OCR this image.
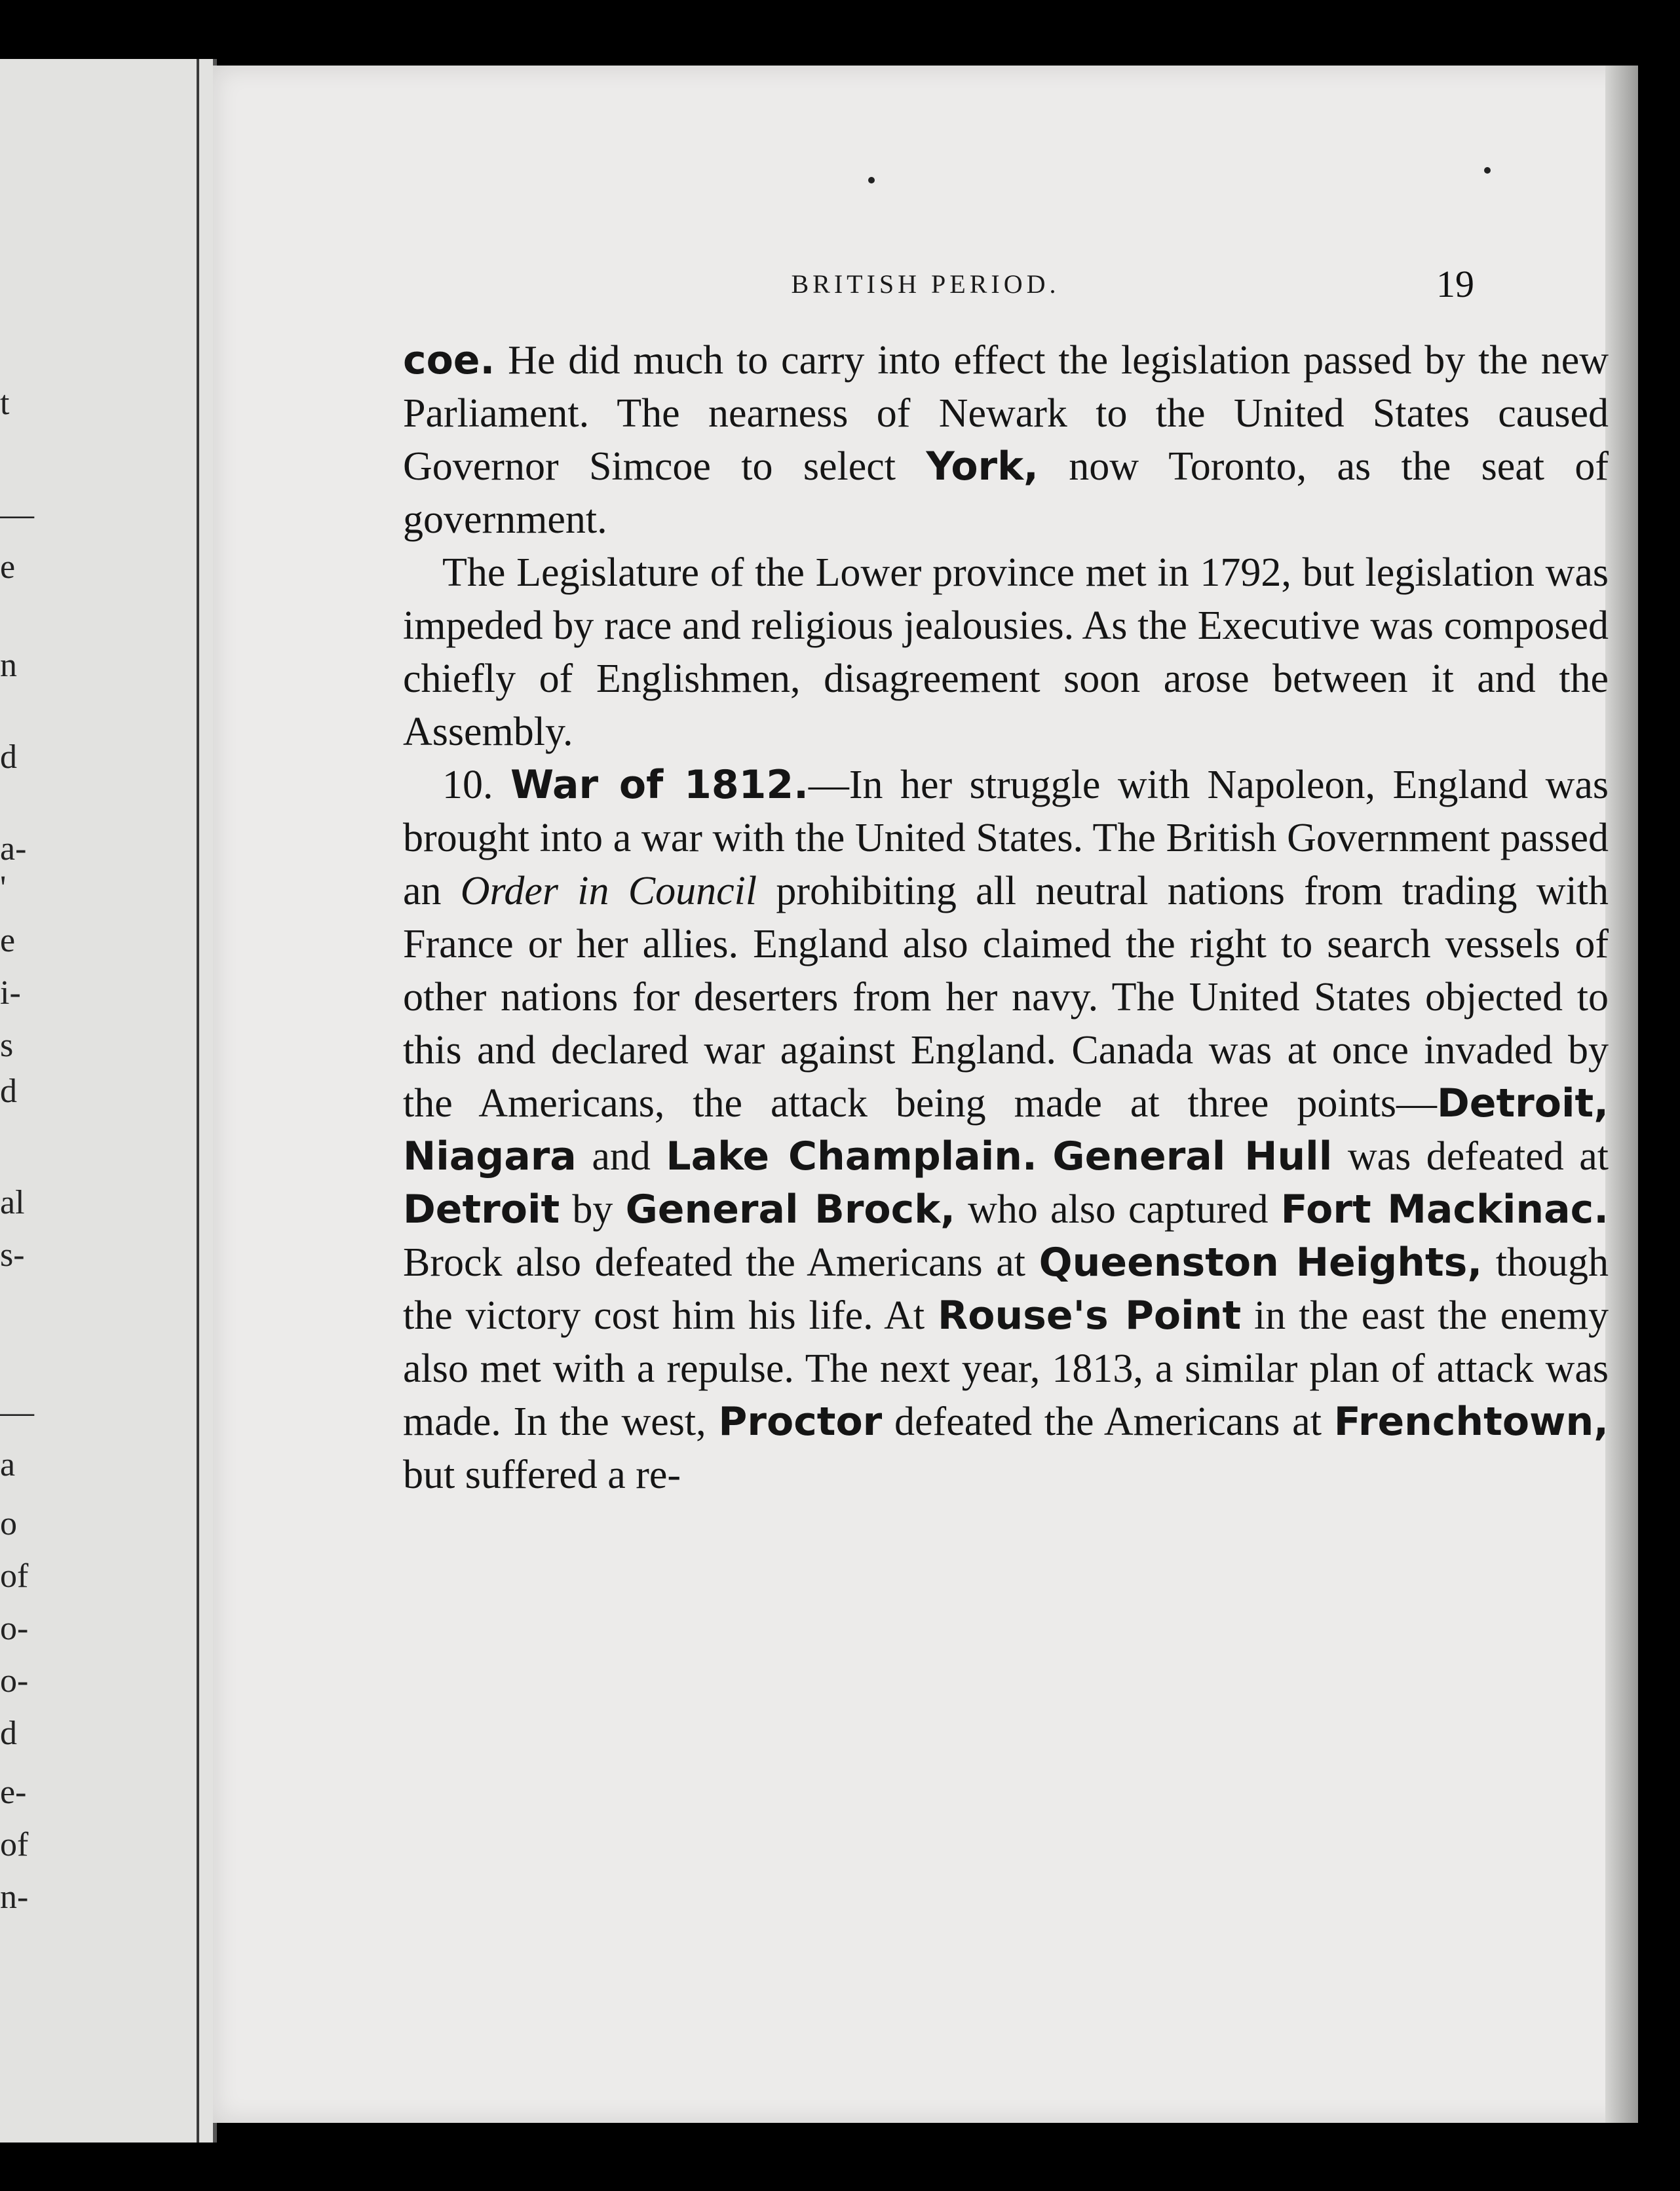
t
—
e
n
d
a-
'
e
i-
s
d
al
s-
—
a
o
of
o-
o-
d
e-
of
n-
BRITISH PERIOD.	19

coe. He did much to carry into effect the legislation passed by the new Parliament. The nearness of Newark to the United States caused Governor Simcoe to select York, now Toronto, as the seat of government.

The Legislature of the Lower province met in 1792, but legislation was impeded by race and religious jealousies. As the Executive was composed chiefly of Englishmen, disagreement soon arose between it and the Assembly.

10. War of 1812.—In her struggle with Napoleon, England was brought into a war with the United States. The British Government passed an Order in Council prohibiting all neutral nations from trading with France or her allies. England also claimed the right to search vessels of other nations for deserters from her navy. The United States objected to this and declared war against England. Canada was at once invaded by the Americans, the attack being made at three points—Detroit, Niagara and Lake Champlain. General Hull was defeated at Detroit by General Brock, who also captured Fort Mackinac. Brock also defeated the Americans at Queenston Heights, though the victory cost him his life. At Rouse's Point in the east the enemy also met with a repulse. The next year, 1813, a similar plan of attack was made. In the west, Proctor defeated the Americans at Frenchtown, but suffered a re-
